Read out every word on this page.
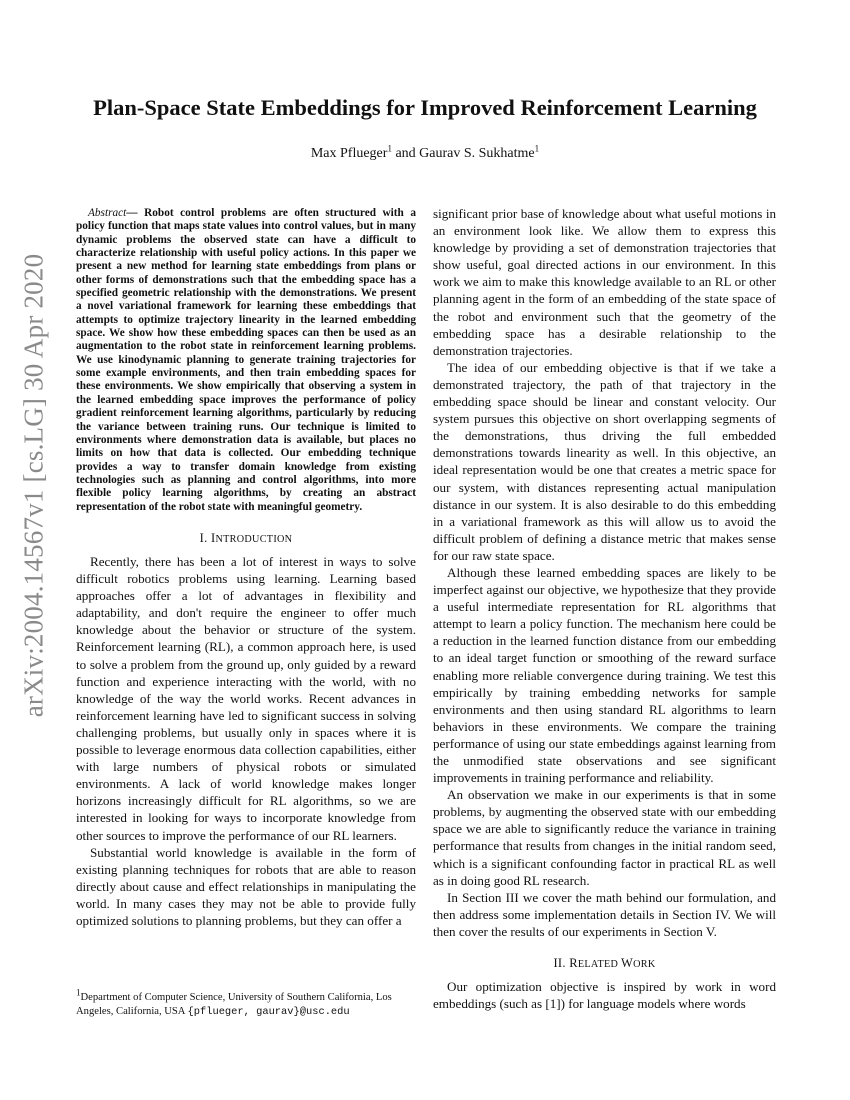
arXiv:2004.14567v1 [cs.LG] 30 Apr 2020
Plan-Space State Embeddings for Improved Reinforcement Learning

Max Pflueger$^1$ and Gaurav S. Sukhatme$^1$

Abstract— Robot control problems are often structured with a policy function that maps state values into control values, but in many dynamic problems the observed state can have a difficult to characterize relationship with useful policy actions. In this paper we present a new method for learning state embeddings from plans or other forms of demonstrations such that the embedding space has a specified geometric relationship with the demonstrations. We present a novel variational framework for learning these embeddings that attempts to optimize trajectory linearity in the learned embedding space. We show how these embedding spaces can then be used as an augmentation to the robot state in reinforcement learning problems. We use kinodynamic planning to generate training trajectories for some example environments, and then train embedding spaces for these environments. We show empirically that observing a system in the learned embedding space improves the performance of policy gradient reinforcement learning algorithms, particularly by reducing the variance between training runs. Our technique is limited to environments where demonstration data is available, but places no limits on how that data is collected. Our embedding technique provides a way to transfer domain knowledge from existing technologies such as planning and control algorithms, into more flexible policy learning algorithms, by creating an abstract representation of the robot state with meaningful geometry.

I. INTRODUCTION

Recently, there has been a lot of interest in ways to solve difficult robotics problems using learning. Learning based approaches offer a lot of advantages in flexibility and adaptability, and don't require the engineer to offer much knowledge about the behavior or structure of the system. Reinforcement learning (RL), a common approach here, is used to solve a problem from the ground up, only guided by a reward function and experience interacting with the world, with no knowledge of the way the world works. Recent advances in reinforcement learning have led to significant success in solving challenging problems, but usually only in spaces where it is possible to leverage enormous data collection capabilities, either with large numbers of physical robots or simulated environments. A lack of world knowledge makes longer horizons increasingly difficult for RL algorithms, so we are interested in looking for ways to incorporate knowledge from other sources to improve the performance of our RL learners.

Substantial world knowledge is available in the form of existing planning techniques for robots that are able to reason directly about cause and effect relationships in manipulating the world. In many cases they may not be able to provide fully optimized solutions to planning problems, but they can offer a

significant prior base of knowledge about what useful motions in an environment look like. We allow them to express this knowledge by providing a set of demonstration trajectories that show useful, goal directed actions in our environment. In this work we aim to make this knowledge available to an RL or other planning agent in the form of an embedding of the state space of the robot and environment such that the geometry of the embedding space has a desirable relationship to the demonstration trajectories.

The idea of our embedding objective is that if we take a demonstrated trajectory, the path of that trajectory in the embedding space should be linear and constant velocity. Our system pursues this objective on short overlapping segments of the demonstrations, thus driving the full embedded demonstrations towards linearity as well. In this objective, an ideal representation would be one that creates a metric space for our system, with distances representing actual manipulation distance in our system. It is also desirable to do this embedding in a variational framework as this will allow us to avoid the difficult problem of defining a distance metric that makes sense for our raw state space.

Although these learned embedding spaces are likely to be imperfect against our objective, we hypothesize that they provide a useful intermediate representation for RL algorithms that attempt to learn a policy function. The mechanism here could be a reduction in the learned function distance from our embedding to an ideal target function or smoothing of the reward surface enabling more reliable convergence during training. We test this empirically by training embedding networks for sample environments and then using standard RL algorithms to learn behaviors in these environments. We compare the training performance of using our state embeddings against learning from the unmodified state observations and see significant improvements in training performance and reliability.

An observation we make in our experiments is that in some problems, by augmenting the observed state with our embedding space we are able to significantly reduce the variance in training performance that results from changes in the initial random seed, which is a significant confounding factor in practical RL as well as in doing good RL research.

In Section III we cover the math behind our formulation, and then address some implementation details in Section IV. We will then cover the results of our experiments in Section V.

II. RELATED WORK

Our optimization objective is inspired by work in word embeddings (such as [1]) for language models where words

$^1$Department of Computer Science, University of Southern California, Los Angeles, California, USA {pflueger, gaurav}@usc.edu
